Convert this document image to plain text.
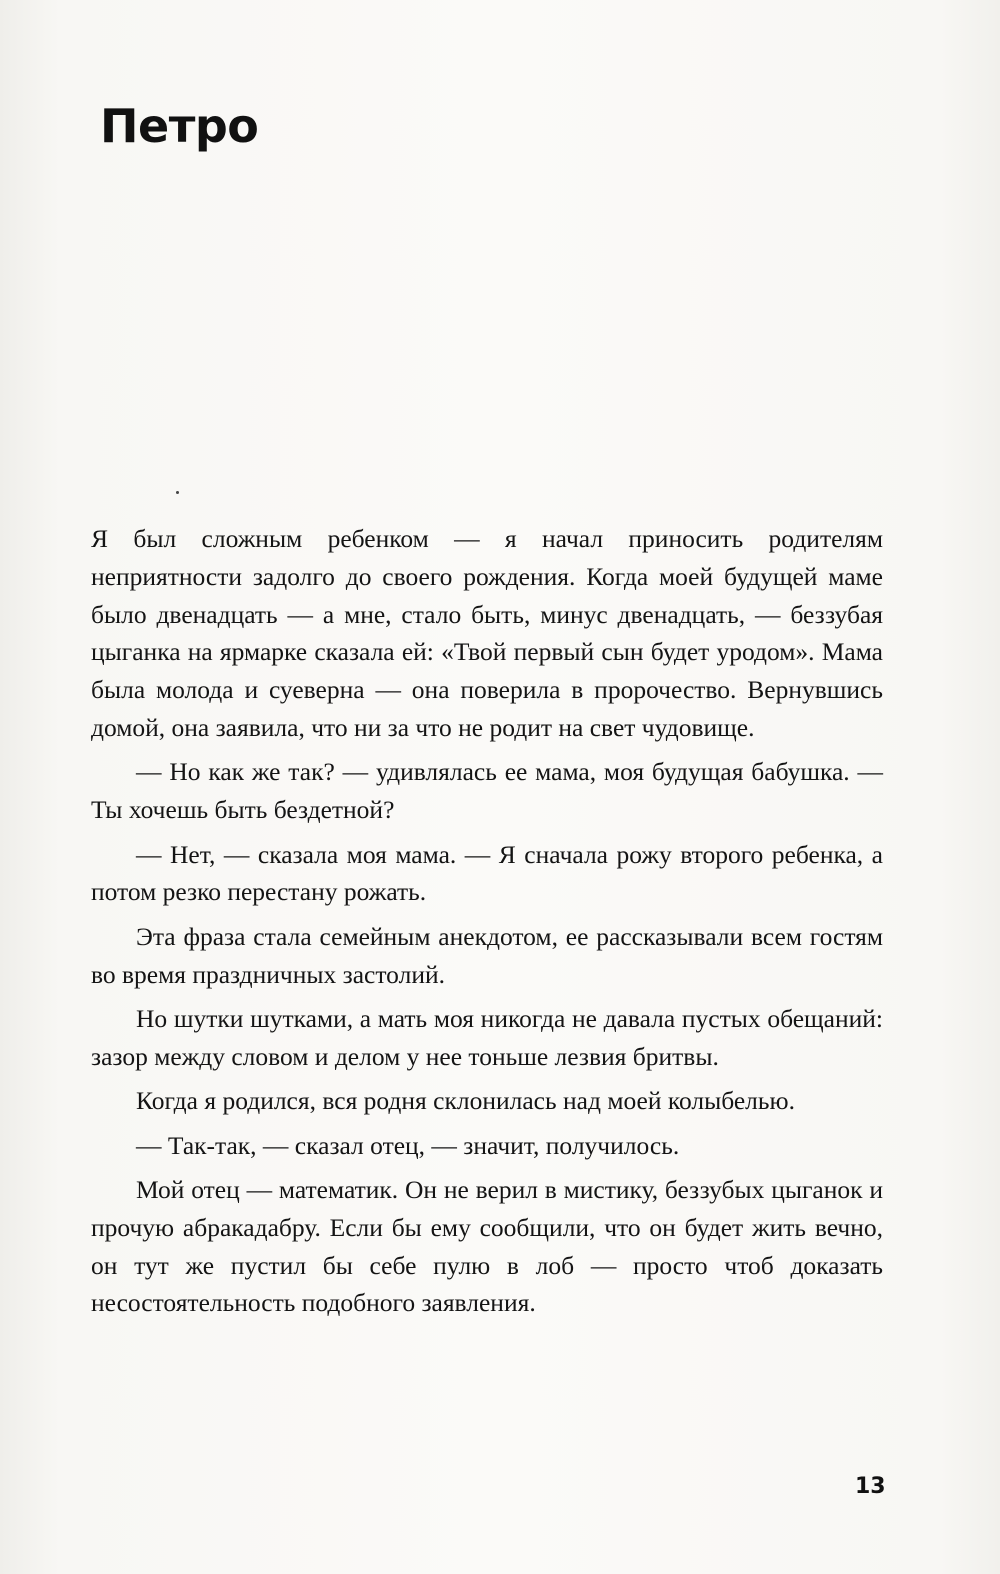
Петро

Я был сложным ребенком — я начал приносить родителям неприятности задолго до своего рождения. Когда моей будущей маме было двенадцать — а мне, стало быть, минус двенадцать, — беззубая цыганка на ярмарке сказала ей: «Твой первый сын будет уродом». Мама была молода и суеверна — она поверила в пророчество. Вернувшись домой, она заявила, что ни за что не родит на свет чудовище.

— Но как же так? — удивлялась ее мама, моя будущая бабушка. — Ты хочешь быть бездетной?

— Нет, — сказала моя мама. — Я сначала рожу второго ребенка, а потом резко перестану рожать.

Эта фраза стала семейным анекдотом, ее рассказывали всем гостям во время праздничных застолий.

Но шутки шутками, а мать моя никогда не давала пустых обещаний: зазор между словом и делом у нее тоньше лезвия бритвы.

Когда я родился, вся родня склонилась над моей колыбелью.

— Так-так, — сказал отец, — значит, получилось.

Мой отец — математик. Он не верил в мистику, беззубых цыганок и прочую абракадабру. Если бы ему сообщили, что он будет жить вечно, он тут же пустил бы себе пулю в лоб — просто чтоб доказать несостоятельность подобного заявления.

13
